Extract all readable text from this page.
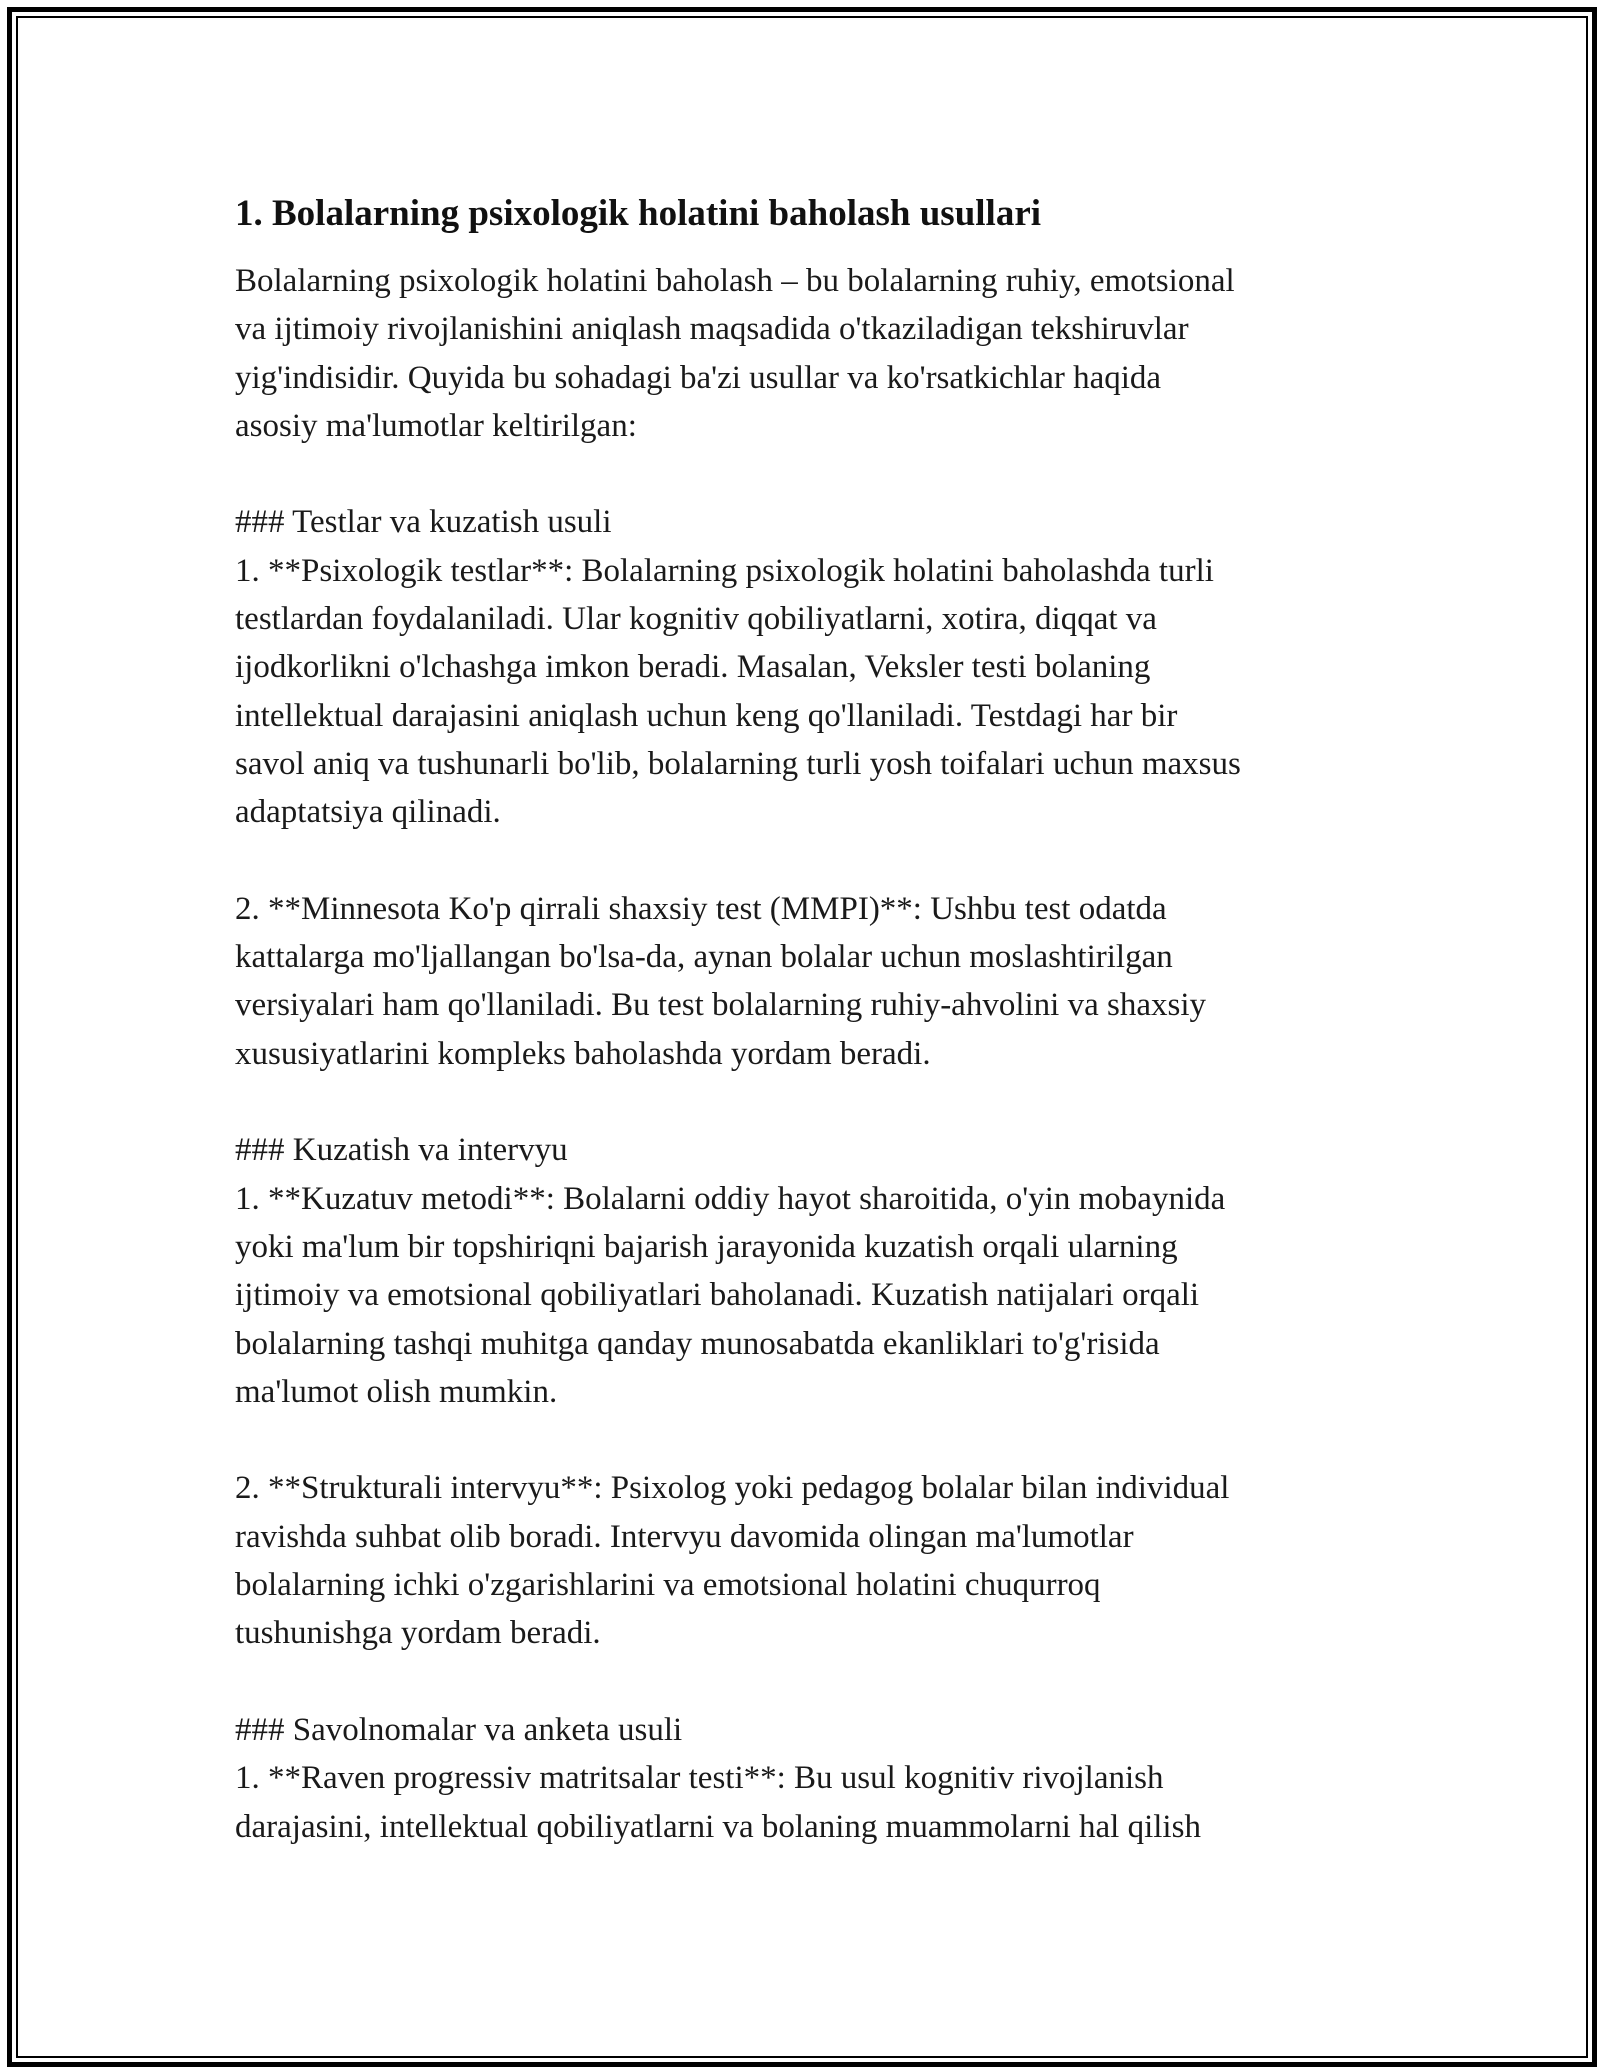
1. Bolalarning psixologik holatini baholash usullari

Bolalarning psixologik holatini baholash – bu bolalarning ruhiy, emotsional

va ijtimoiy rivojlanishini aniqlash maqsadida o'tkaziladigan tekshiruvlar

yig'indisidir. Quyida bu sohadagi ba'zi usullar va ko'rsatkichlar haqida

asosiy ma'lumotlar keltirilgan:

### Testlar va kuzatish usuli

1. **Psixologik testlar**: Bolalarning psixologik holatini baholashda turli

testlardan foydalaniladi. Ular kognitiv qobiliyatlarni, xotira, diqqat va

ijodkorlikni o'lchashga imkon beradi. Masalan, Veksler testi bolaning

intellektual darajasini aniqlash uchun keng qo'llaniladi. Testdagi har bir

savol aniq va tushunarli bo'lib, bolalarning turli yosh toifalari uchun maxsus

adaptatsiya qilinadi.

2. **Minnesota Ko'p qirrali shaxsiy test (MMPI)**: Ushbu test odatda

kattalarga mo'ljallangan bo'lsa-da, aynan bolalar uchun moslashtirilgan

versiyalari ham qo'llaniladi. Bu test bolalarning ruhiy-ahvolini va shaxsiy

xususiyatlarini kompleks baholashda yordam beradi.

### Kuzatish va intervyu

1. **Kuzatuv metodi**: Bolalarni oddiy hayot sharoitida, o'yin mobaynida

yoki ma'lum bir topshiriqni bajarish jarayonida kuzatish orqali ularning

ijtimoiy va emotsional qobiliyatlari baholanadi. Kuzatish natijalari orqali

bolalarning tashqi muhitga qanday munosabatda ekanliklari to'g'risida

ma'lumot olish mumkin.

2. **Strukturali intervyu**: Psixolog yoki pedagog bolalar bilan individual

ravishda suhbat olib boradi. Intervyu davomida olingan ma'lumotlar

bolalarning ichki o'zgarishlarini va emotsional holatini chuqurroq

tushunishga yordam beradi.

### Savolnomalar va anketa usuli

1. **Raven progressiv matritsalar testi**: Bu usul kognitiv rivojlanish

darajasini, intellektual qobiliyatlarni va bolaning muammolarni hal qilish
